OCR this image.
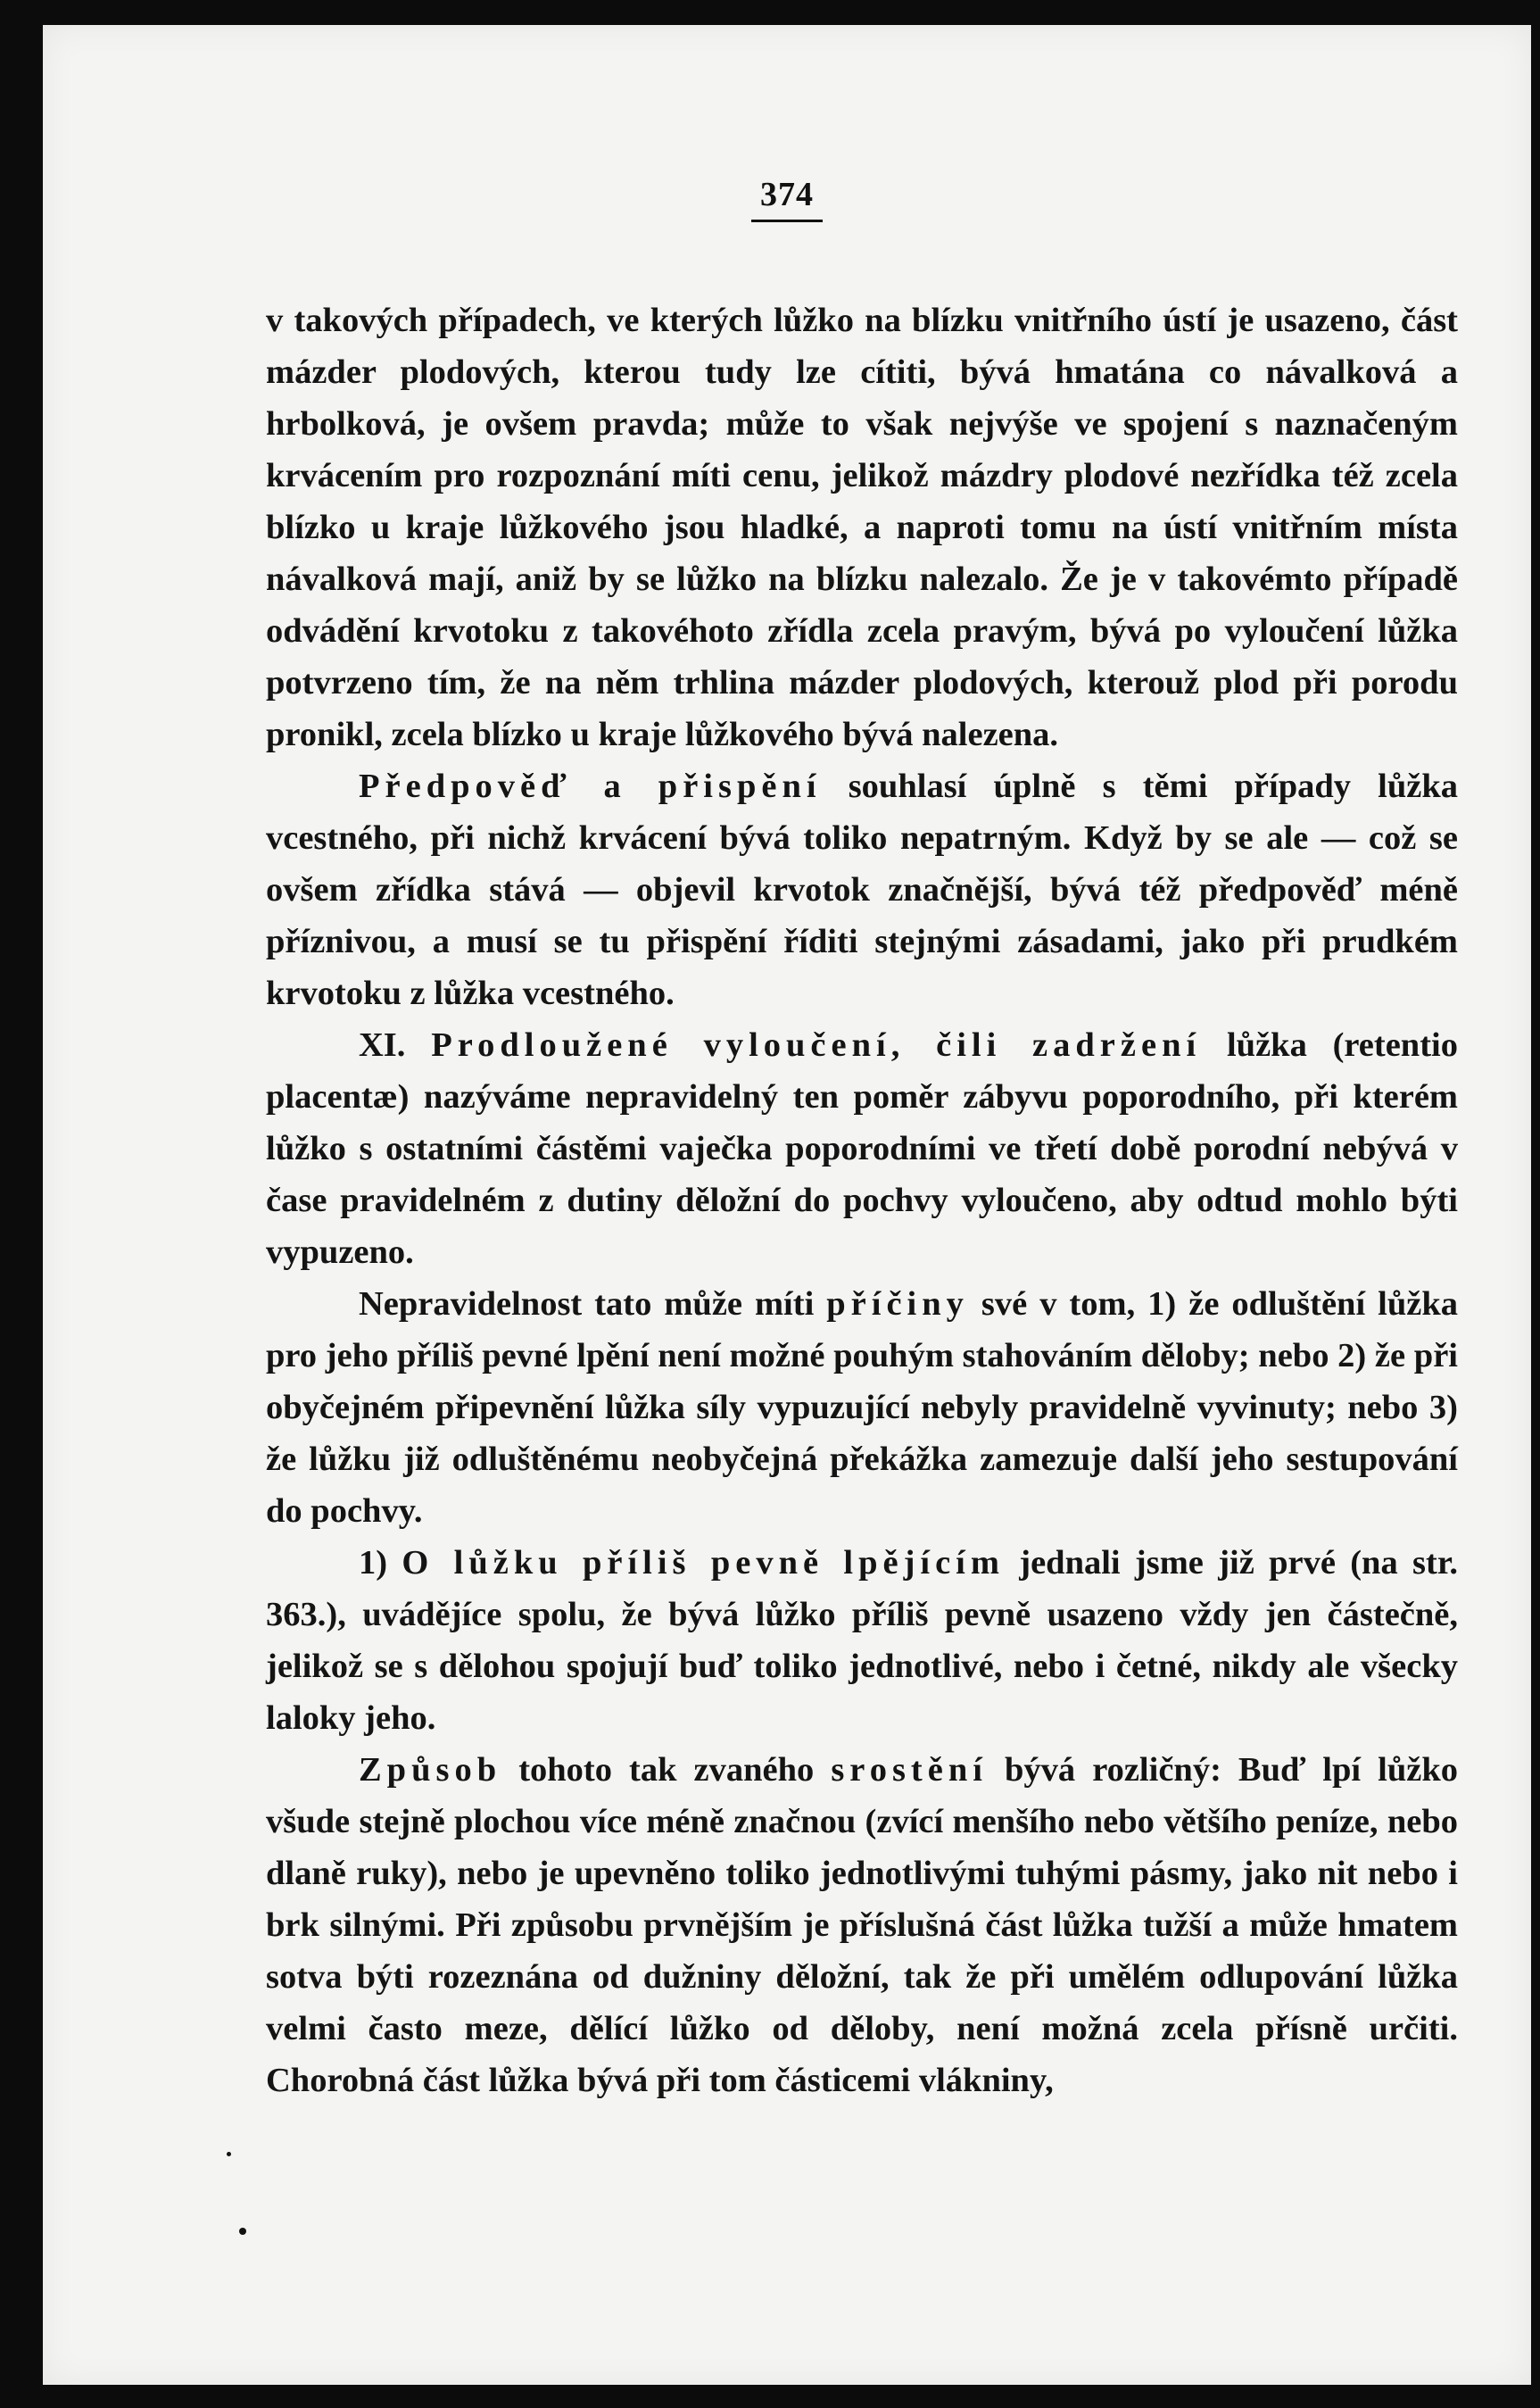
374

v takových případech, ve kterých lůžko na blízku vnitřního ústí je usazeno, část mázder plodových, kterou tudy lze cítiti, bývá hmatána co návalková a hrbolková, je ovšem pravda; může to však nejvýše ve spojení s naznačeným krvácením pro rozpoznání míti cenu, jelikož mázdry plodové nezřídka též zcela blízko u kraje lůžkového jsou hladké, a naproti tomu na ústí vnitřním místa návalková mají, aniž by se lůžko na blízku nalezalo. Že je v takovémto případě odvádění krvotoku z takovéhoto zřídla zcela pravým, bývá po vyloučení lůžka potvrzeno tím, že na něm trhlina mázder plodových, kterouž plod při porodu pronikl, zcela blízko u kraje lůžkového bývá nalezena.

Předpověď a přispění souhlasí úplně s těmi případy lůžka vcestného, při nichž krvácení bývá toliko nepatrným. Když by se ale — což se ovšem zřídka stává — objevil krvotok značnější, bývá též předpověď méně příznivou, a musí se tu přispění říditi stejnými zásadami, jako při prudkém krvotoku z lůžka vcestného.

XI. Prodloužené vyloučení, čili zadržení lůžka (retentio placentæ) nazýváme nepravidelný ten poměr zábyvu poporodního, při kterém lůžko s ostatními částěmi vaječka poporodními ve třetí době porodní nebývá v čase pravidelném z dutiny děložní do pochvy vyloučeno, aby odtud mohlo býti vypuzeno.

Nepravidelnost tato může míti příčiny své v tom, 1) že odluštění lůžka pro jeho příliš pevné lpění není možné pouhým stahováním děloby; nebo 2) že při obyčejném připevnění lůžka síly vypuzující nebyly pravidelně vyvinuty; nebo 3) že lůžku již odluštěnému neobyčejná překážka zamezuje další jeho sestupování do pochvy.

1) O lůžku příliš pevně lpějícím jednali jsme již prvé (na str. 363.), uvádějíce spolu, že bývá lůžko příliš pevně usazeno vždy jen částečně, jelikož se s dělohou spojují buď toliko jednotlivé, nebo i četné, nikdy ale všecky laloky jeho.

Způsob tohoto tak zvaného srostění bývá rozličný: Buď lpí lůžko všude stejně plochou více méně značnou (zvící menšího nebo většího peníze, nebo dlaně ruky), nebo je upevněno toliko jednotlivými tuhými pásmy, jako nit nebo i brk silnými. Při způsobu prvnějším je příslušná část lůžka tužší a může hmatem sotva býti rozeznána od dužniny děložní, tak že při umělém odlupování lůžka velmi často meze, dělící lůžko od děloby, není možná zcela přísně určiti. Chorobná část lůžka bývá při tom částicemi vlákniny,
